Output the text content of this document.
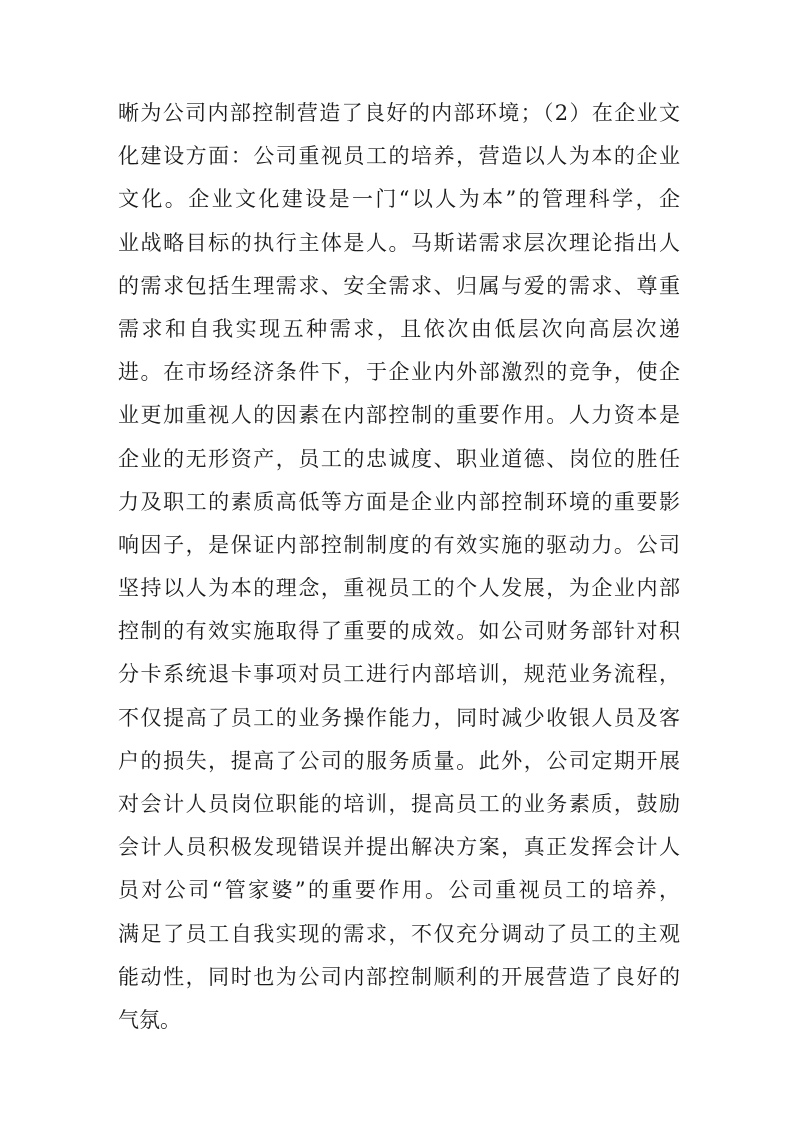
晰为公司内部控制营造了良好的内部环境；（2）在企业文
化建设方面：公司重视员工的培养，营造以人为本的企业
文化。企业文化建设是一门“以人为本”的管理科学，企
业战略目标的执行主体是人。马斯诺需求层次理论指出人
的需求包括生理需求、安全需求、归属与爱的需求、尊重
需求和自我实现五种需求，且依次由低层次向高层次递
进。在市场经济条件下，于企业内外部激烈的竞争，使企
业更加重视人的因素在内部控制的重要作用。人力资本是
企业的无形资产，员工的忠诚度、职业道德、岗位的胜任
力及职工的素质高低等方面是企业内部控制环境的重要影
响因子，是保证内部控制制度的有效实施的驱动力。公司
坚持以人为本的理念，重视员工的个人发展，为企业内部
控制的有效实施取得了重要的成效。如公司财务部针对积
分卡系统退卡事项对员工进行内部培训，规范业务流程，
不仅提高了员工的业务操作能力，同时减少收银人员及客
户的损失，提高了公司的服务质量。此外，公司定期开展
对会计人员岗位职能的培训，提高员工的业务素质，鼓励
会计人员积极发现错误并提出解决方案，真正发挥会计人
员对公司“管家婆”的重要作用。公司重视员工的培养，
满足了员工自我实现的需求，不仅充分调动了员工的主观
能动性，同时也为公司内部控制顺利的开展营造了良好的
气氛。
